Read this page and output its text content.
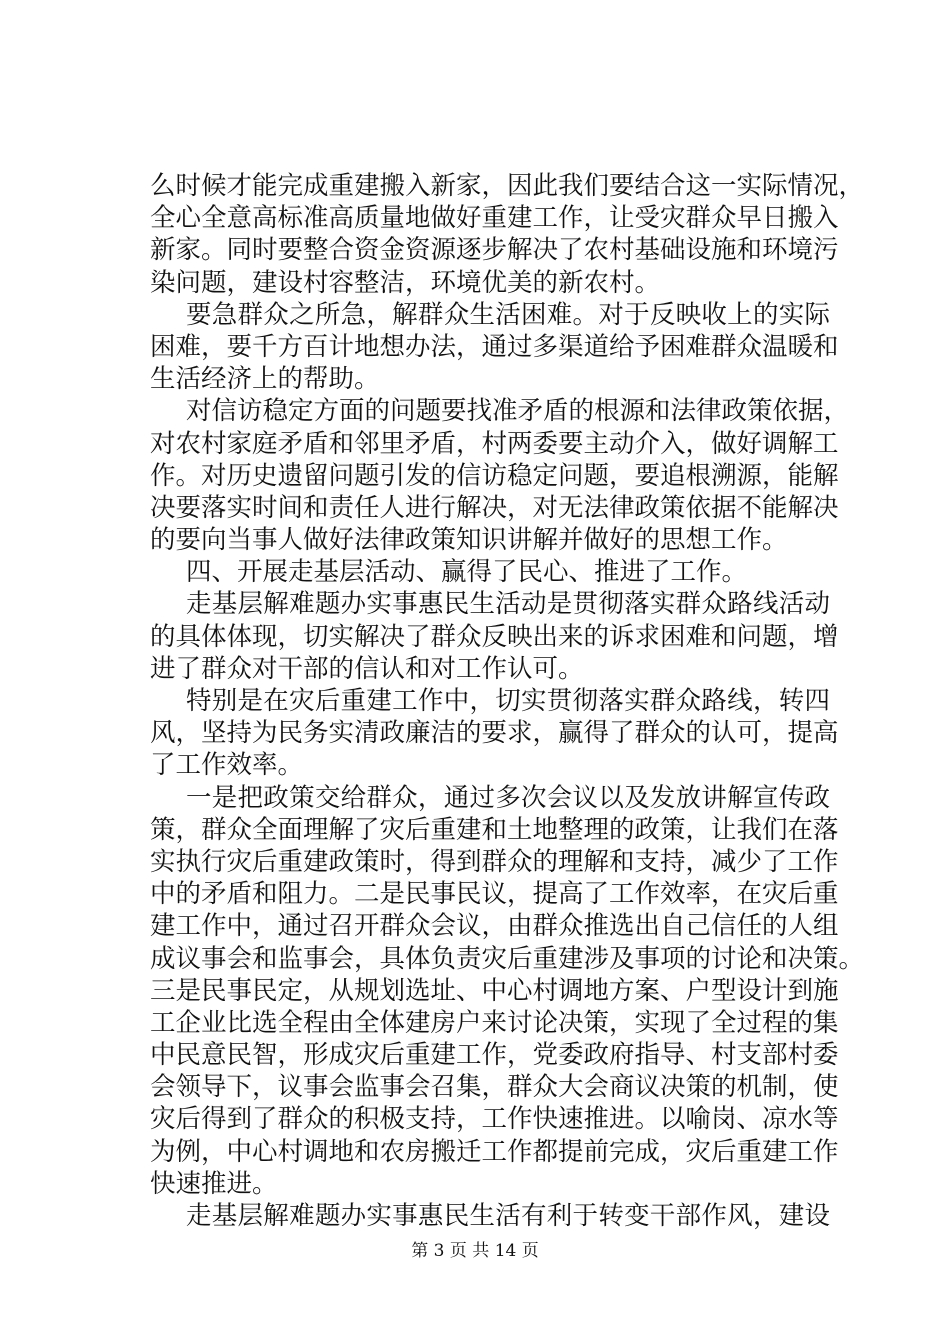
么时候才能完成重建搬入新家，因此我们要结合这一实际情况，
全心全意高标准高质量地做好重建工作，让受灾群众早日搬入
新家。同时要整合资金资源逐步解决了农村基础设施和环境污
染问题，建设村容整洁，环境优美的新农村。
要急群众之所急，解群众生活困难。对于反映收上的实际
困难，要千方百计地想办法，通过多渠道给予困难群众温暖和
生活经济上的帮助。
对信访稳定方面的问题要找准矛盾的根源和法律政策依据，
对农村家庭矛盾和邻里矛盾，村两委要主动介入，做好调解工
作。对历史遗留问题引发的信访稳定问题，要追根溯源，能解
决要落实时间和责任人进行解决，对无法律政策依据不能解决
的要向当事人做好法律政策知识讲解并做好的思想工作。
四、开展走基层活动、赢得了民心、推进了工作。
走基层解难题办实事惠民生活动是贯彻落实群众路线活动
的具体体现，切实解决了群众反映出来的诉求困难和问题，增
进了群众对干部的信认和对工作认可。
特别是在灾后重建工作中，切实贯彻落实群众路线，转四
风，坚持为民务实清政廉洁的要求，赢得了群众的认可，提高
了工作效率。
一是把政策交给群众，通过多次会议以及发放讲解宣传政
策，群众全面理解了灾后重建和土地整理的政策，让我们在落
实执行灾后重建政策时，得到群众的理解和支持，减少了工作
中的矛盾和阻力。二是民事民议，提高了工作效率，在灾后重
建工作中，通过召开群众会议，由群众推选出自己信任的人组
成议事会和监事会，具体负责灾后重建涉及事项的讨论和决策。
三是民事民定，从规划选址、中心村调地方案、户型设计到施
工企业比选全程由全体建房户来讨论决策，实现了全过程的集
中民意民智，形成灾后重建工作，党委政府指导、村支部村委
会领导下，议事会监事会召集，群众大会商议决策的机制，使
灾后得到了群众的积极支持，工作快速推进。以喻岗、凉水等
为例，中心村调地和农房搬迁工作都提前完成，灾后重建工作
快速推进。
走基层解难题办实事惠民生活有利于转变干部作风，建设
第 3 页 共 14 页
